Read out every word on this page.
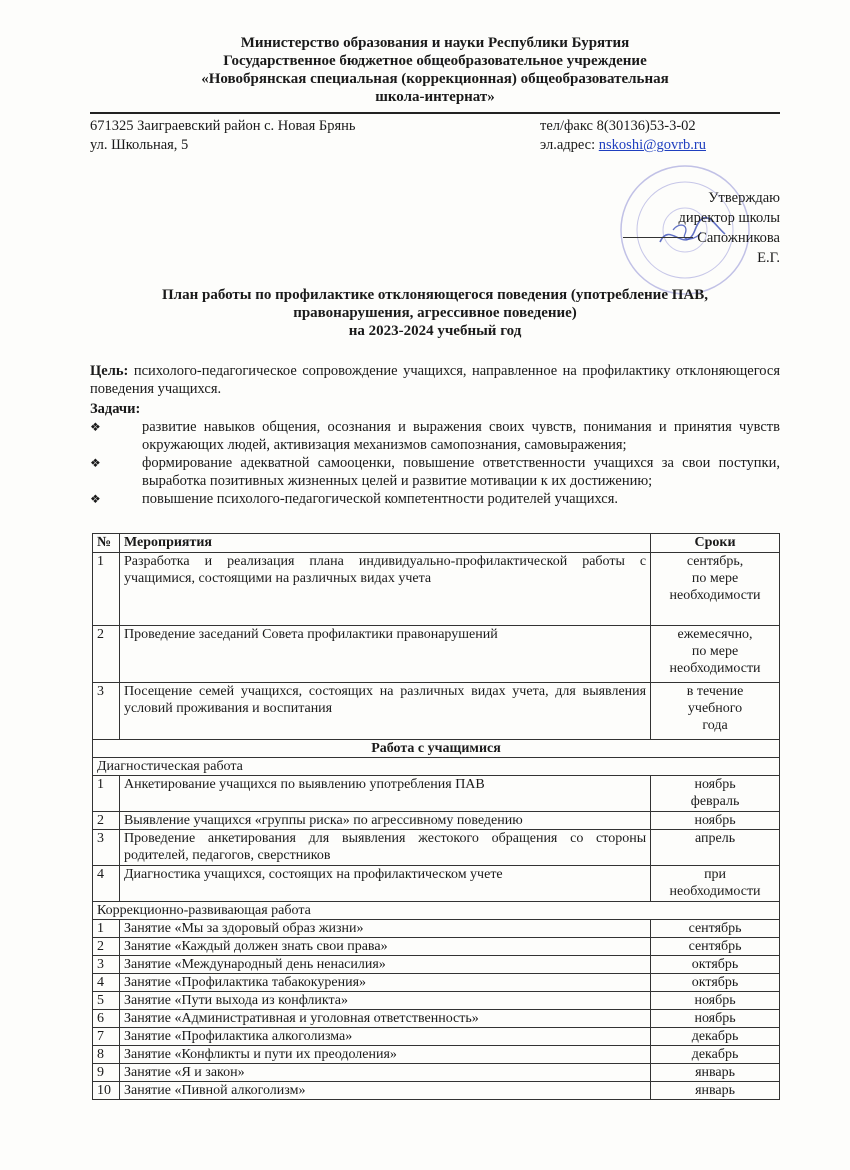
Министерство образования и науки Республики Бурятия
Государственное бюджетное общеобразовательное учреждение
«Новобрянская специальная (коррекционная) общеобразовательная
школа-интернат»
671325 Заиграевский район с. Новая Брянь
ул. Школьная, 5
тел/факс 8(30136)53-3-02
эл.адрес: nskoshi@govrb.ru
Утверждаю
директор школы
Сапожникова Е.Г.
План работы по профилактике отклоняющегося поведения (употребление ПАВ,
правонарушения, агрессивное поведение)
на 2023-2024 учебный год
Цель: психолого-педагогическое сопровождение учащихся, направленное на профилактику отклоняющегося поведения учащихся.
Задачи:
❖	развитие навыков общения, осознания и выражения своих чувств, понимания и принятия чувств окружающих людей, активизация механизмов самопознания, самовыражения;
❖	формирование адекватной самооценки, повышение ответственности учащихся за свои поступки, выработка позитивных жизненных целей и развитие мотивации к их достижению;
❖	повышение психолого-педагогической компетентности родителей учащихся.
№	Мероприятия	Сроки
1	Разработка и реализация плана индивидуально-профилактической работы с учащимися, состоящими на различных видах учета	сентябрь,
по мере
необходимости
2	Проведение заседаний Совета профилактики правонарушений	ежемесячно,
по мере
необходимости
3	Посещение семей учащихся, состоящих на различных видах учета, для выявления условий проживания и воспитания	в течение
учебного
года
Работа с учащимися		
Диагностическая работа		
1	Анкетирование учащихся по выявлению употребления ПАВ	ноябрь
февраль
2	Выявление учащихся «группы риска» по агрессивному поведению	ноябрь
3	Проведение анкетирования для выявления жестокого обращения со стороны родителей, педагогов, сверстников	апрель
4	Диагностика учащихся, состоящих на профилактическом учете	при
необходимости
Коррекционно-развивающая работа		
1	Занятие «Мы за здоровый образ жизни»	сентябрь
2	Занятие «Каждый должен знать свои права»	сентябрь
3	Занятие «Международный день ненасилия»	октябрь
4	Занятие «Профилактика табакокурения»	октябрь
5	Занятие «Пути выхода из конфликта»	ноябрь
6	Занятие «Административная и уголовная ответственность»	ноябрь
7	Занятие «Профилактика алкоголизма»	декабрь
8	Занятие «Конфликты и пути их преодоления»	декабрь
9	Занятие «Я и закон»	январь
10	Занятие «Пивной алкоголизм»	январь
